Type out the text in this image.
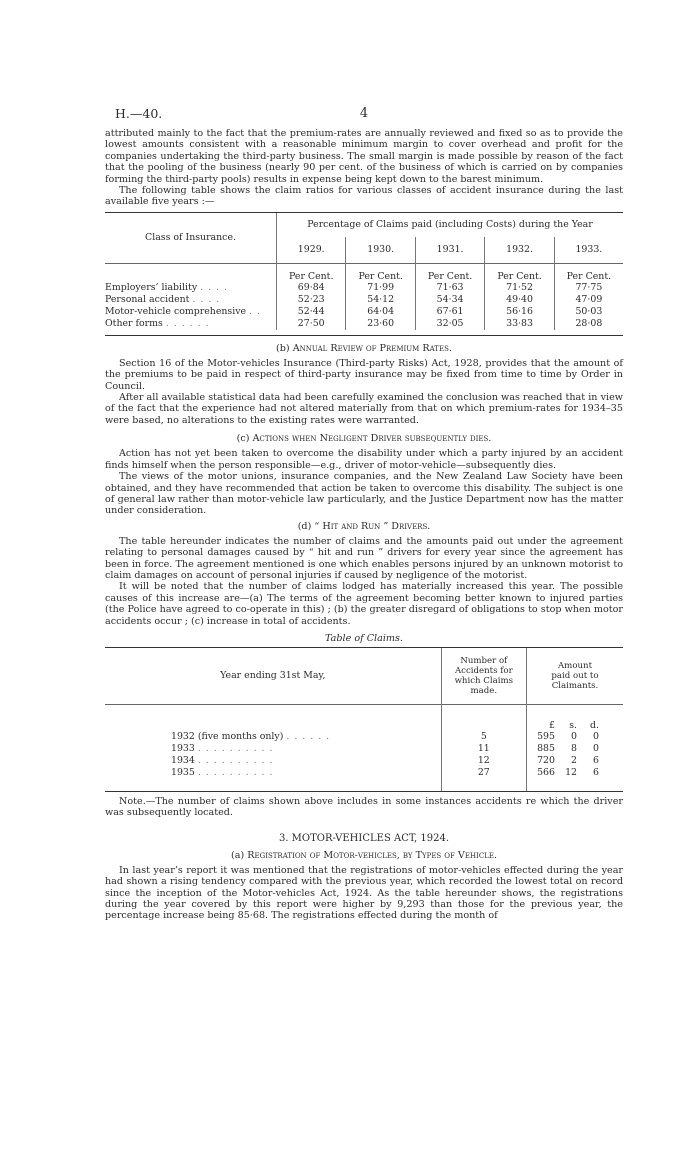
H.—40.	4

attributed mainly to the fact that the premium-rates are annually reviewed and fixed so as to provide the lowest amounts consistent with a reasonable minimum margin to cover overhead and profit for the companies undertaking the third-party business. The small margin is made possible by reason of the fact that the pooling of the business (nearly 90 per cent. of the business of which is carried on by companies forming the third-party pools) results in expense being kept down to the barest minimum.

The following table shows the claim ratios for various classes of accident insurance during the last available five years :—

Class of Insurance.	Percentage of Claims paid (including Costs) during the Year				
	1929.	1930.	1931.	1932.	1933.

	Per Cent.	Per Cent.	Per Cent.	Per Cent.	Per Cent.
Employers’ liability . . . .	69·84	71·99	71·63	71·52	77·75
Personal accident . . . .	52·23	54·12	54·34	49·40	47·09
Motor-vehicle comprehensive . .	52·44	64·04	67·61	56·16	50·03
Other forms . . . . . .	27·50	23·60	32·05	33·83	28·08

(b) Annual Review of Premium Rates.

Section 16 of the Motor-vehicles Insurance (Third-party Risks) Act, 1928, provides that the amount of the premiums to be paid in respect of third-party insurance may be fixed from time to time by Order in Council.

After all available statistical data had been carefully examined the conclusion was reached that in view of the fact that the experience had not altered materially from that on which premium-rates for 1934–35 were based, no alterations to the existing rates were warranted.

(c) Actions when Negligent Driver subsequently dies.

Action has not yet been taken to overcome the disability under which a party injured by an accident finds himself when the person responsible—e.g., driver of motor-vehicle—subsequently dies.

The views of the motor unions, insurance companies, and the New Zealand Law Society have been obtained, and they have recommended that action be taken to overcome this disability. The subject is one of general law rather than motor-vehicle law particularly, and the Justice Department now has the matter under consideration.

(d) “ Hit and Run ” Drivers.

The table hereunder indicates the number of claims and the amounts paid out under the agreement relating to personal damages caused by “ hit and run ” drivers for every year since the agreement has been in force. The agreement mentioned is one which enables persons injured by an unknown motorist to claim damages on account of personal injuries if caused by negligence of the motorist.

It will be noted that the number of claims lodged has materially increased this year. The possible causes of this increase are—(a) The terms of the agreement becoming better known to injured parties (the Police have agreed to co-operate in this) ; (b) the greater disregard of obligations to stop when motor accidents occur ; (c) increase in total of accidents.

Table of Claims.
Year ending 31st May,	Number of Accidents for which Claims made.	Amount paid out to Claimants.

		£ s. d.

1932 (five months only) . . . . . .	5	595 0 0

1933 . . . . . . . . . .	11	885 8 0

1934 . . . . . . . . . .	12	720 2 6

1935 . . . . . . . . . .	27	566 12 6

Note.—The number of claims shown above includes in some instances accidents re which the driver was subsequently located.

3. MOTOR-VEHICLES ACT, 1924.
(a) Registration of Motor-vehicles, by Types of Vehicle.

In last year’s report it was mentioned that the registrations of motor-vehicles effected during the year had shown a rising tendency compared with the previous year, which recorded the lowest total on record since the inception of the Motor-vehicles Act, 1924. As the table hereunder shows, the registrations during the year covered by this report were higher by 9,293 than those for the previous year, the percentage increase being 85·68. The registrations effected during the month of
